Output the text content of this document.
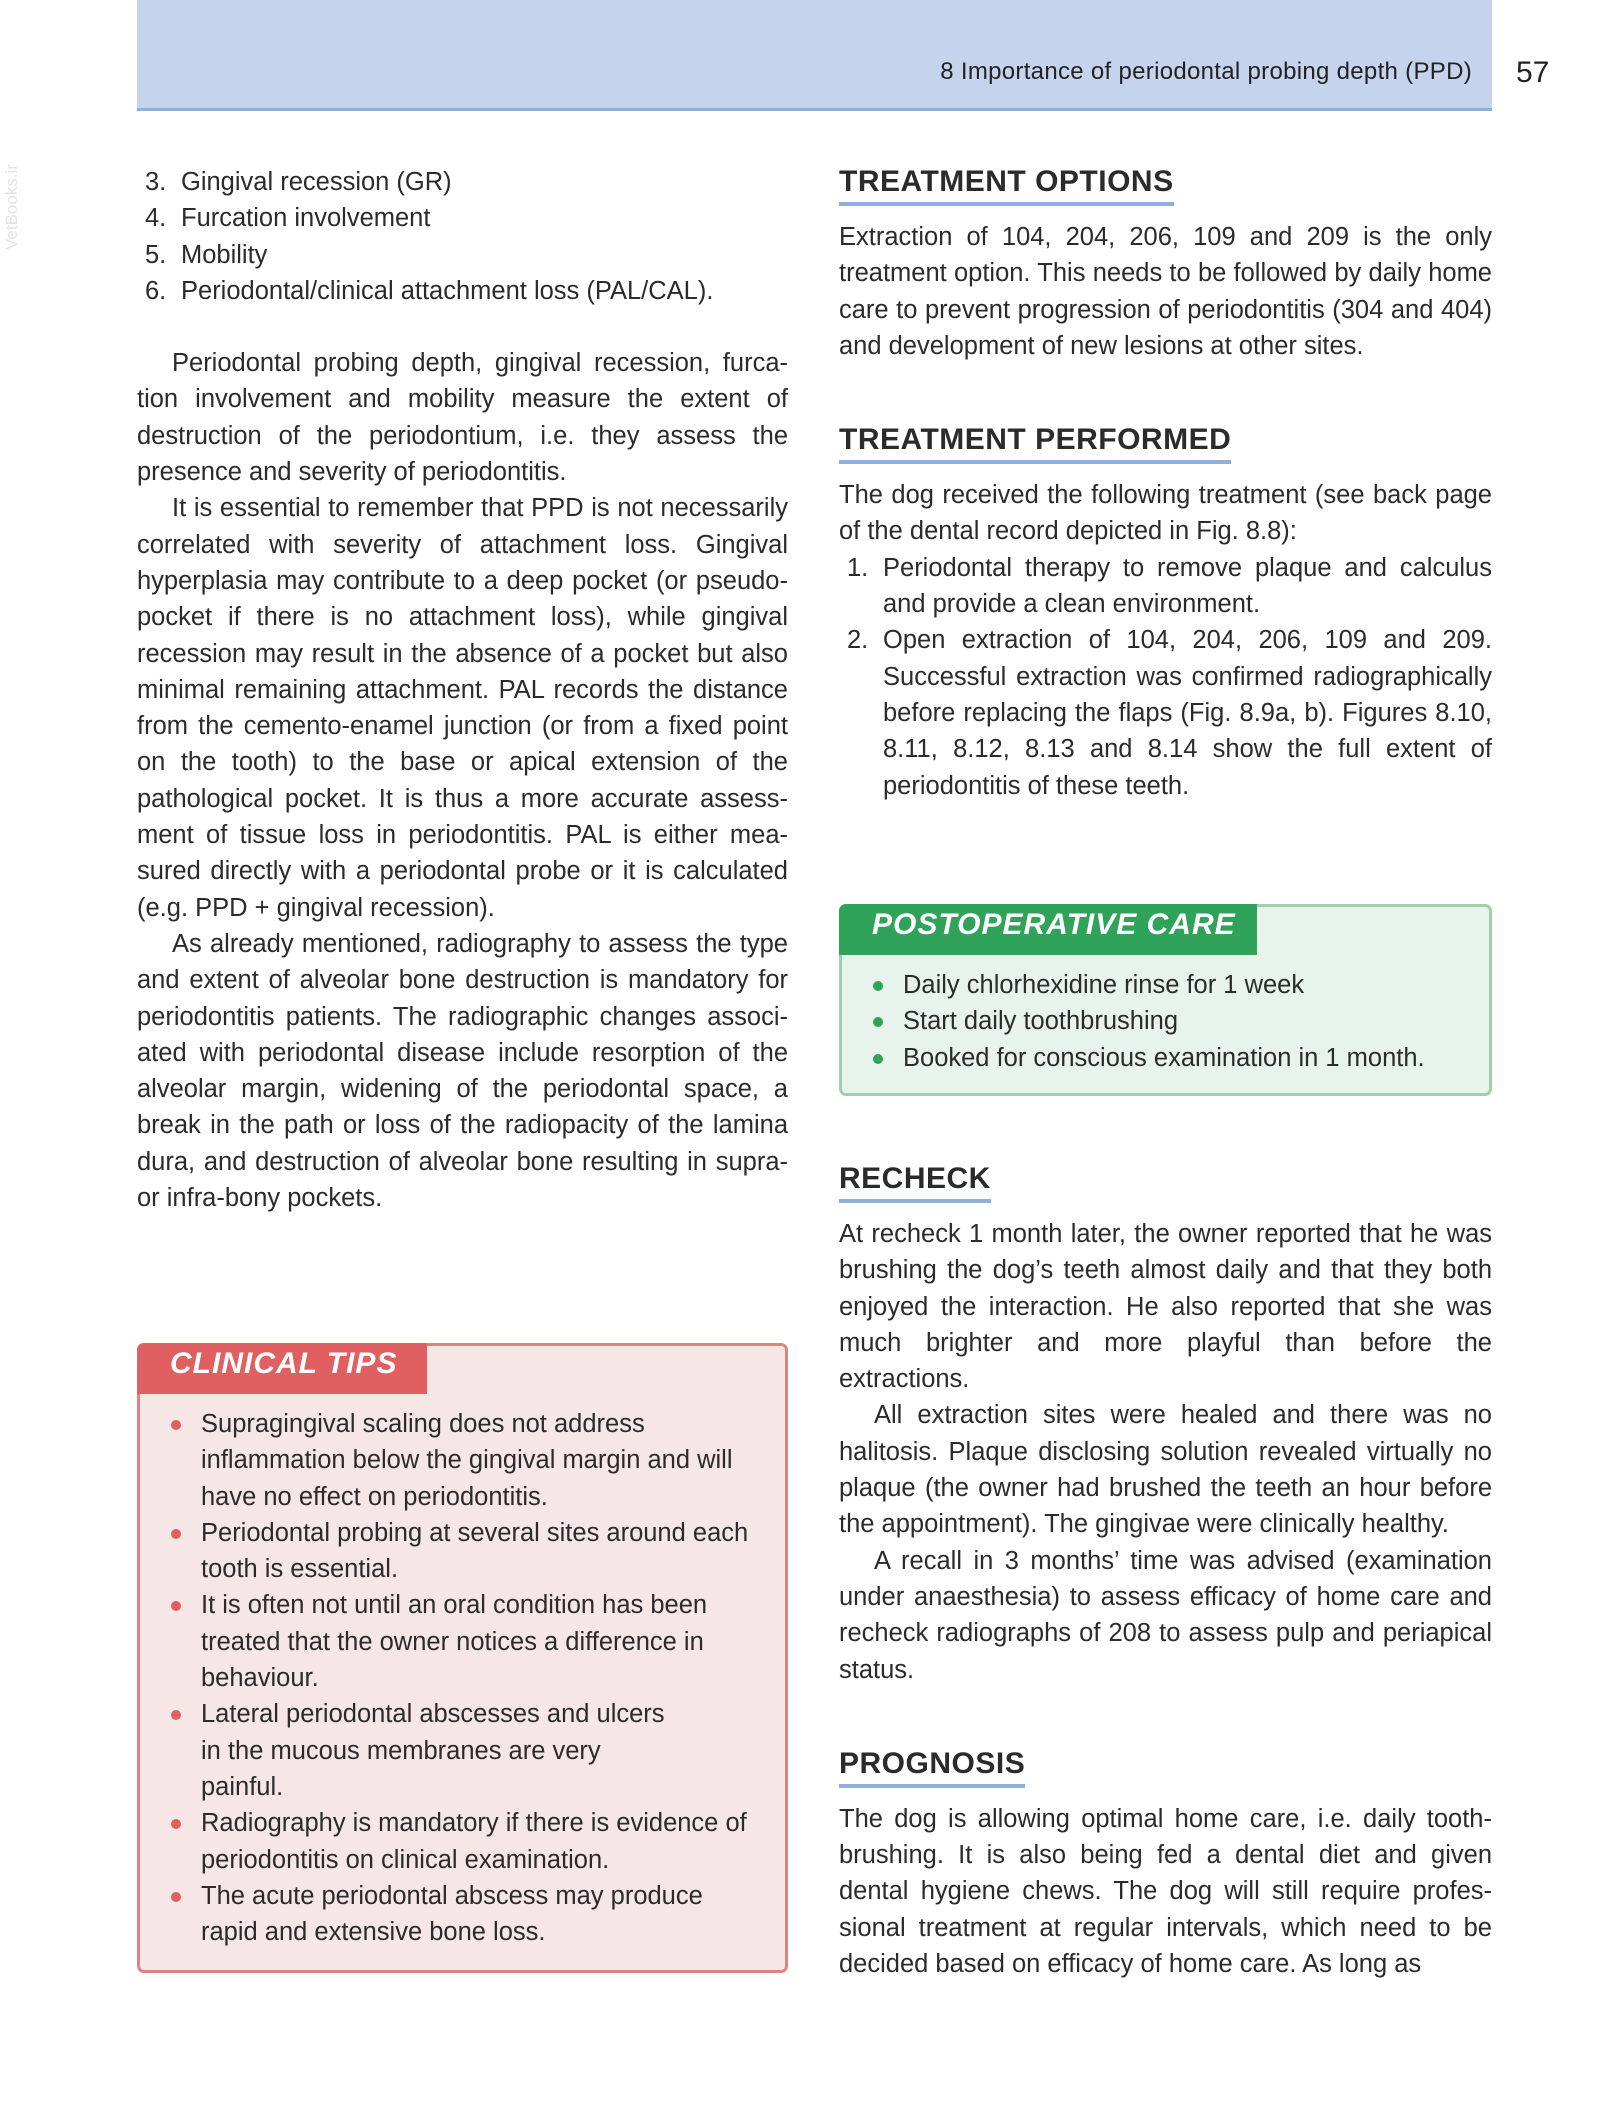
8 Importance of periodontal probing depth (PPD) 57
VetBooks.ir	3. Gingival recession (GR)
4. Furcation involvement
5. Mobility
6. Periodontal/clinical attachment loss (PAL/CAL).

Periodontal probing depth, gingival recession, furcation involvement and mobility measure the extent of destruction of the periodontium, i.e. they assess the presence and severity of periodontitis.

It is essential to remember that PPD is not necessarily correlated with severity of attachment loss. Gingival hyperplasia may contribute to a deep pocket (or pseudopocket if there is no attachment loss), while gingival recession may result in the absence of a pocket but also minimal remaining attachment. PAL records the distance from the cemento-enamel junction (or from a fixed point on the tooth) to the base or apical extension of the pathological pocket. It is thus a more accurate assessment of tissue loss in periodontitis. PAL is either measured directly with a periodontal probe or it is calculated (e.g. PPD + gingival recession).

As already mentioned, radiography to assess the type and extent of alveolar bone destruction is mandatory for periodontitis patients. The radiographic changes associated with periodontal disease include resorption of the alveolar margin, widening of the periodontal space, a break in the path or loss of the radiopacity of the lamina dura, and destruction of alveolar bone resulting in supra- or infra-bony pockets.

CLINICAL TIPS
Supragingival scaling does not address inflammation below the gingival margin and will have no effect on periodontitis.
Periodontal probing at several sites around each tooth is essential.
It is often not until an oral condition has been treated that the owner notices a difference in behaviour.
Lateral periodontal abscesses and ulcers in the mucous membranes are very painful.
Radiography is mandatory if there is evidence of periodontitis on clinical examination.
The acute periodontal abscess may produce rapid and extensive bone loss.
TREATMENT OPTIONS

Extraction of 104, 204, 206, 109 and 209 is the only treatment option. This needs to be followed by daily home care to prevent progression of periodontitis (304 and 404) and development of new lesions at other sites.

TREATMENT PERFORMED

The dog received the following treatment (see back page of the dental record depicted in Fig. 8.8):

1. Periodontal therapy to remove plaque and calculus and provide a clean environment.
2. Open extraction of 104, 204, 206, 109 and 209. Successful extraction was confirmed radiographically before replacing the flaps (Fig. 8.9a, b). Figures 8.10, 8.11, 8.12, 8.13 and 8.14 show the full extent of periodontitis of these teeth.
POSTOPERATIVE CARE
Daily chlorhexidine rinse for 1 week
Start daily toothbrushing
Booked for conscious examination in 1 month.
RECHECK

At recheck 1 month later, the owner reported that he was brushing the dog’s teeth almost daily and that they both enjoyed the interaction. He also reported that she was much brighter and more playful than before the extractions.

All extraction sites were healed and there was no halitosis. Plaque disclosing solution revealed virtually no plaque (the owner had brushed the teeth an hour before the appointment). The gingivae were clinically healthy.

A recall in 3 months’ time was advised (examination under anaesthesia) to assess efficacy of home care and recheck radiographs of 208 to assess pulp and periapical status.

PROGNOSIS

The dog is allowing optimal home care, i.e. daily toothbrushing. It is also being fed a dental diet and given dental hygiene chews. The dog will still require professional treatment at regular intervals, which need to be decided based on efficacy of home care. As long as
